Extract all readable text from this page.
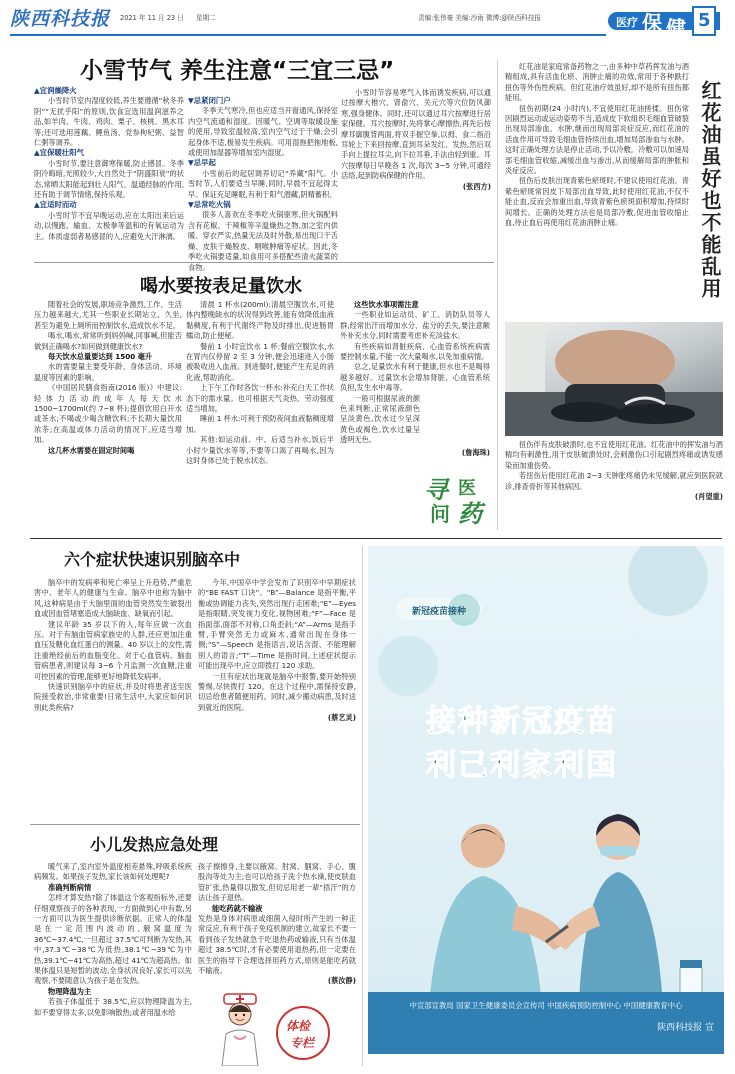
陕西科技报 2021 年 11 月 23 日 星期二	责编:张伟豪 美编:沙雨 微博:@陕西科技报	医疗 保 健 5
小雪节气 养生注意“三宜三忌”
▲宜润燥降火
小雪时节室内湿度较低,养生要遵循“秋冬养阴”“无扰乎阳”的原则,饮食宜选用温润滋养之品,如羊肉、牛肉、鸡肉、栗子、核桃、黑木耳等;还可选用莲藕、鲤鱼汤、党参枸杞粥、益智仁粥等调养。
▲宜保暖壮阳气
小雪时节,要注意御寒保暖,防止感冒。冬季阴冷晦暗,光照较少,大自然处于“阴盛阳衰”的状态,常晒太阳能起到壮人阳气、温通经脉的作用,还有助于调节情绪,保持乐观。
▲宜适时而动
小雪时节不宜早晚运动,应在太阳出来后运动,以慢跑、输血、太极拳等温和的有氧运动为主。体质虚弱者易感冒的人,应避免大汗淋漓。
▼忌紧闭门户
冬季天气寒冷,但也应适当开窗通风,保持室内空气流通和湿度。因暖气、空调等取暖设施的使用,导致室温较高,室内空气过于干燥,会引起身体不适,极易发生疾病。可用湿拖把拖地板,或使用加湿器等增加室内湿度。
▼忌早起
小雪前后的起居调养切记“养藏”阳气。小雪时节,人们要适当早睡,同时,早晨不宜起得太早。保证充足睡眠,有利于阳气潜藏,阴精蓄积。
▼忌常吃火锅
很多人喜欢在冬季吃火锅驱寒,但火锅配料含有花椒、干辣椒等辛温燥热之物,加之室内供暖、穿衣严实,热量无法及时外散,易出现口干舌燥、皮肤干燥脱皮、咽喉肿痛等症状。因此,冬季吃火锅要适量,如食用可多搭配些清火蔬菜的食物。
小雪时节容易寒气入体而诱发疾病,可以通过按摩大椎穴、肾俞穴、关元穴等穴位防风御寒,强身健体。同时,还可以通过耳穴按摩进行居家保健。耳穴按摩时,先将掌心摩擦热,再先后按摩耳廓腹背两面,将双手握空拳,以拇、食二指沿耳轮上下来回按摩,直到耳朵发红、发热,然后双手向上提拉耳尖,向下拉耳垂,手法由轻到重。耳穴按摩每日早晚各 1 次,每次 3~5 分钟,可通经活络,起到防病保健的作用。
(张西方)
喝水要按表足量饮水
随着社会的发展,职场竞争激烈,工作、生活压力越来越大,尤其一些职业长期站立、久坐,甚至为避免上厕所而控制饮水,造成饮水不足。
喝水,喝水,常常听到妈妈喊,同事喊,但能否做到正确喝水?如何做到健康饮水?
每天饮水总量要达到 1500 毫升
水的需要量主要受年龄、身体活动、环境温度等因素的影响。
《中国居民膳食指南(2016 版)》中建议:轻体力活动的成年人每天饮水 1500~1700ml(约 7~8 杯);提倡饮用白开水或茶水;不喝或少喝含糖饮料;不长期大量饮用浓茶;在高温或体力活动的情况下,应适当增加。
这几杯水需要在固定时间喝
清晨 1 杯水(200ml):清晨空腹饮水,可使体内整晚缺水的状况得到改善,能有效降低血液黏稠度,有利于代谢终产物及时排出,促进肠胃蠕动,防止便秘。
餐前 1 小时宜饮水 1 杯:餐前空腹饮水,水在胃内仅停留 2 至 3 分钟,便会迅速进入小肠被吸收进入血液。到进餐时,便能产生充足的消化液,帮助消化。
上下午工作时各饮一杯水:补充白天工作状态下的需水量。也可根据天气炎热、劳动强度适当增加。
睡前 1 杯水:可利于预防夜间血液黏稠度增加。
其他:如运动前、中、后适当补水,饭后半小时少量饮水等等,不要等口渴了再喝水,因为这时身体已处于脱水状态。
这些饮水事项需注意
一些职业如运动员、矿工、消防队员等人群,经常出汗而增加水分、盐分的丢失,要注意额外补充水分,同时需要考虑补充淡盐水。
有些疾病如肾脏疾病、心血管系统疾病需要控制水量,不能一次大量喝水,以免加重病情。
总之,足量饮水有利于健康,但水也不是喝得越多越好。过量饮水会增加肾脏、心血管系统负担,发生水中毒等。
一般可根据尿液的颜色来判断,正常尿液颜色呈淡黄色,饮水过少呈深黄色或褐色,饮水过量呈透明无色。
(詹海珠)
寻 医
问 药
红花油是家庭常备药物之一,由多种中草药挥发油与酒精组成,具有活血化瘀、消肿止痛的功效,常用于各种跌打扭伤等外伤性疾病。但红花油疗效虽好,却不是所有扭伤都能用。
扭伤初期(24 小时内),不宜使用红花油搓揉。扭伤常因剧烈运动或运动姿势不当,造成皮下软组织毛细血管破裂出现局部渗血、水肿,继而出现局部炎症反应,而红花油的活血作用可导致毛细血管持续出血,增加局部渗血与水肿。这时正确处理方法是停止活动,予以冷敷。冷敷可以加速局部毛细血管收缩,减缓出血与渗出,从而缓解局部的肿胀和炎症反应。
扭伤后皮肤出现青紫色瘀斑时,不建议使用红花油。青紫色瘀斑常因皮下局部出血导致,此时使用红花油,不仅不能止血,反而会加重出血,导致青紫色瘀斑面积增加,持续时间增长。正确的处理方法也是局部冷敷,促进血管收缩止血,待止血后再使用红花油消肿止痛。	红花油虽好也不能乱用
扭伤伴有皮肤破溃时,也不宜使用红花油。红花油中的挥发油与酒精均有刺激性,用于皮肤破溃处时,会刺激伤口引起剧烈疼痛或诱发感染而加重伤势。
若扭伤后使用红花油 2~3 天肿胀疼痛仍未见缓解,就应到医院就诊,排查骨折等其他病因。
(肖望重)
六个症状快速识别脑卒中
脑卒中的发病率和死亡率呈上升趋势,严重危害中、老年人的健康与生命。脑卒中也称为脑中风,这种病是由于大脑里面的血管突然发生破裂出血或因血管堵塞造成大脑缺血、缺氧而引起。
建议年龄 35 岁以下的人,每年应做一次血压。对于有脑血管病家族史的人群,还应更加注重血压及糖化血红蛋白的测量。40 岁以上的女性,需注重绝经前后的血脂变化。对于心血管病、脑血管病患者,则建议每 3~6 个月监测一次血糖,注重可控因素的管理,能够更好地降低发病率。
快速识别脑卒中的症状,并及时将患者送至医院接受救治,非常重要!日常生活中,大家应如何识别此类疾病?
今年,中国卒中学会发布了识别卒中早期症状的“BE FAST 口诀”。“B”—Balance 是指平衡,平衡或协调能力丧失,突然出现行走困难;“E”—Eyes 是指眼睛,突发视力变化,视物困难;“F”—Face 是指面部,面部不对称,口角歪斜;“A”—Arms 是指手臂,手臂突然无力或麻木,通常出现在身体一侧;“S”—Speech 是指语言,说话含混、不能理解别人的语言;“T”—Time 是指时间,上述症状提示可能出现卒中,应立即拨打 120 求助。
一旦有症状出现就是脑卒中报警,要开始特别警惕,尽快拨打 120。在这个过程中,需保持安静,切忌给患者随便用药。同时,减少搬动病患,及时送到就近的医院。
(蔡艺灵)
小儿发热应急处理
暖气来了,室内室外温度相差悬殊,呼吸系统疾病频发。如果孩子发热,家长该如何处理呢?
准确判断病情
怎样才算发热?除了体温这个客观指标外,还要仔细观察孩子的各种表现,一方面做到心中有数,另一方面可以为医生提供诊断依据。正常人的体温是在一定范围内波动的,腋窝温度为 36℃~37.4℃,一旦超过 37.5℃可判断为发热,其中,37.3℃~38℃为低热,38.1℃~39℃为中热,39.1℃~41℃为高热,超过 41℃为超高热。如果体温只是短暂的波动,全身状况良好,家长可以先观察,不要随意认为孩子是在发热。
物理降温为主
若孩子体温低于 38.5℃,应以物理降温为主,如不要穿得太多,以免影响散热;或者用温水给
孩子擦擦身,主要以腋窝、肘窝、腘窝、手心、腹股沟等处为主;也可以给孩子洗个热水澡,使皮肤血管扩张,热量得以散发,但切忌用老一辈“捂汗”的方法让孩子退热。
能吃药就不输液
发热是身体对病原或细菌入侵时所产生的一种正常反应,有利于孩子免疫机制的建立,故家长不要一看到孩子发热就急于吃退热药或输液,只有当体温超过 38.5℃时,才有必要使用退热药,但一定要在医生的指导下合理选择用药方式,原则是能吃药就不输液。
(蔡汝静)
体检
专栏
新冠疫苗接种
接种新冠疫苗
利己利家利国
中宣部宣教局 国家卫生健康委员会宣传司 中国疾病预防控制中心 中国健康教育中心
陕西科技报 宣
